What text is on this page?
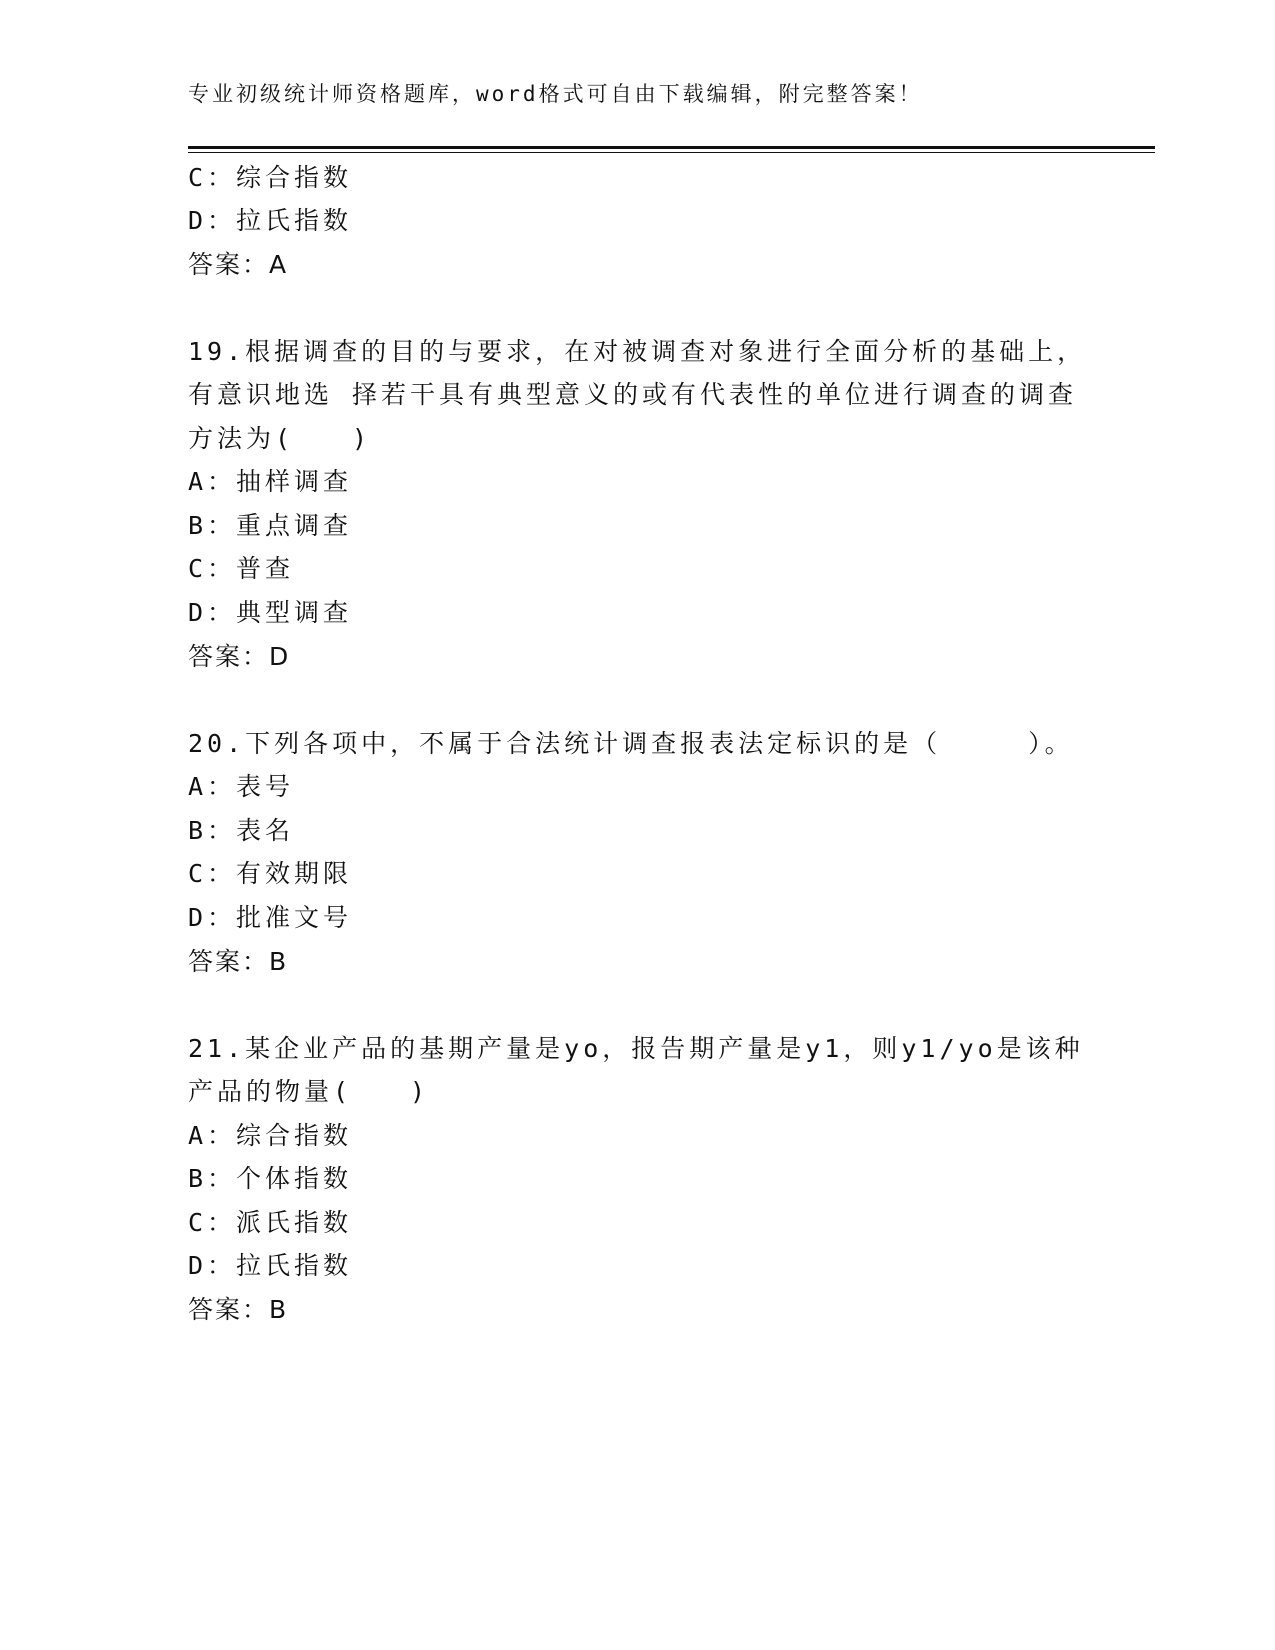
专业初级统计师资格题库，word格式可自由下载编辑，附完整答案！
C：综合指数
D：拉氏指数
答案：A
19.根据调查的目的与要求，在对被调查对象进行全面分析的基础上，
有意识地选 择若干具有典型意义的或有代表性的单位进行调查的调查
方法为(　　)
A：抽样调查
B：重点调查
C：普查
D：典型调查
答案：D
20.下列各项中，不属于合法统计调查报表法定标识的是（　　　）。
A：表号
B：表名
C：有效期限
D：批准文号
答案：B
21.某企业产品的基期产量是yo，报告期产量是y1，则y1/yo是该种
产品的物量(　　)
A：综合指数
B：个体指数
C：派氏指数
D：拉氏指数
答案：B
